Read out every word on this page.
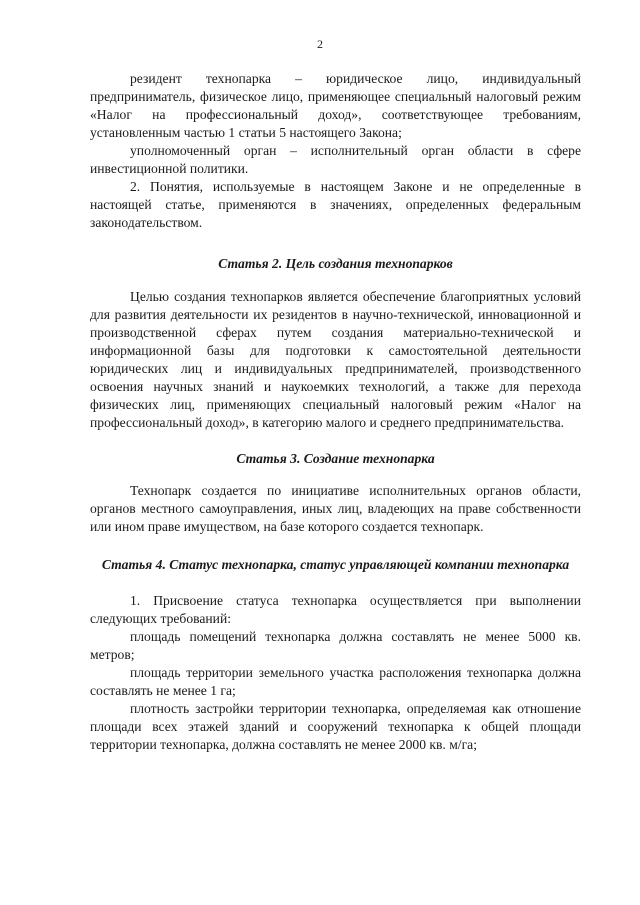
2

резидент технопарка – юридическое лицо, индивидуальный предприниматель, физическое лицо, применяющее специальный налоговый режим «Налог на профессиональный доход», соответствующее требованиям, установленным частью 1 статьи 5 настоящего Закона;

уполномоченный орган – исполнительный орган области в сфере инвестиционной политики.

2. Понятия, используемые в настоящем Законе и не определенные в настоящей статье, применяются в значениях, определенных федеральным законодательством.

Статья 2. Цель создания технопарков

Целью создания технопарков является обеспечение благоприятных условий для развития деятельности их резидентов в научно-технической, инновационной и производственной сферах путем создания материально-технической и информационной базы для подготовки к самостоятельной деятельности юридических лиц и индивидуальных предпринимателей, производственного освоения научных знаний и наукоемких технологий, а также для перехода физических лиц, применяющих специальный налоговый режим «Налог на профессиональный доход», в категорию малого и среднего предпринимательства.

Статья 3. Создание технопарка

Технопарк создается по инициативе исполнительных органов области, органов местного самоуправления, иных лиц, владеющих на праве собственности или ином праве имуществом, на базе которого создается технопарк.

Статья 4. Статус технопарка, статус управляющей компании технопарка

1. Присвоение статуса технопарка осуществляется при выполнении следующих требований:

площадь помещений технопарка должна составлять не менее 5000 кв. метров;

площадь территории земельного участка расположения технопарка должна составлять не менее 1 га;

плотность застройки территории технопарка, определяемая как отношение площади всех этажей зданий и сооружений технопарка к общей площади территории технопарка, должна составлять не менее 2000 кв. м/га;
